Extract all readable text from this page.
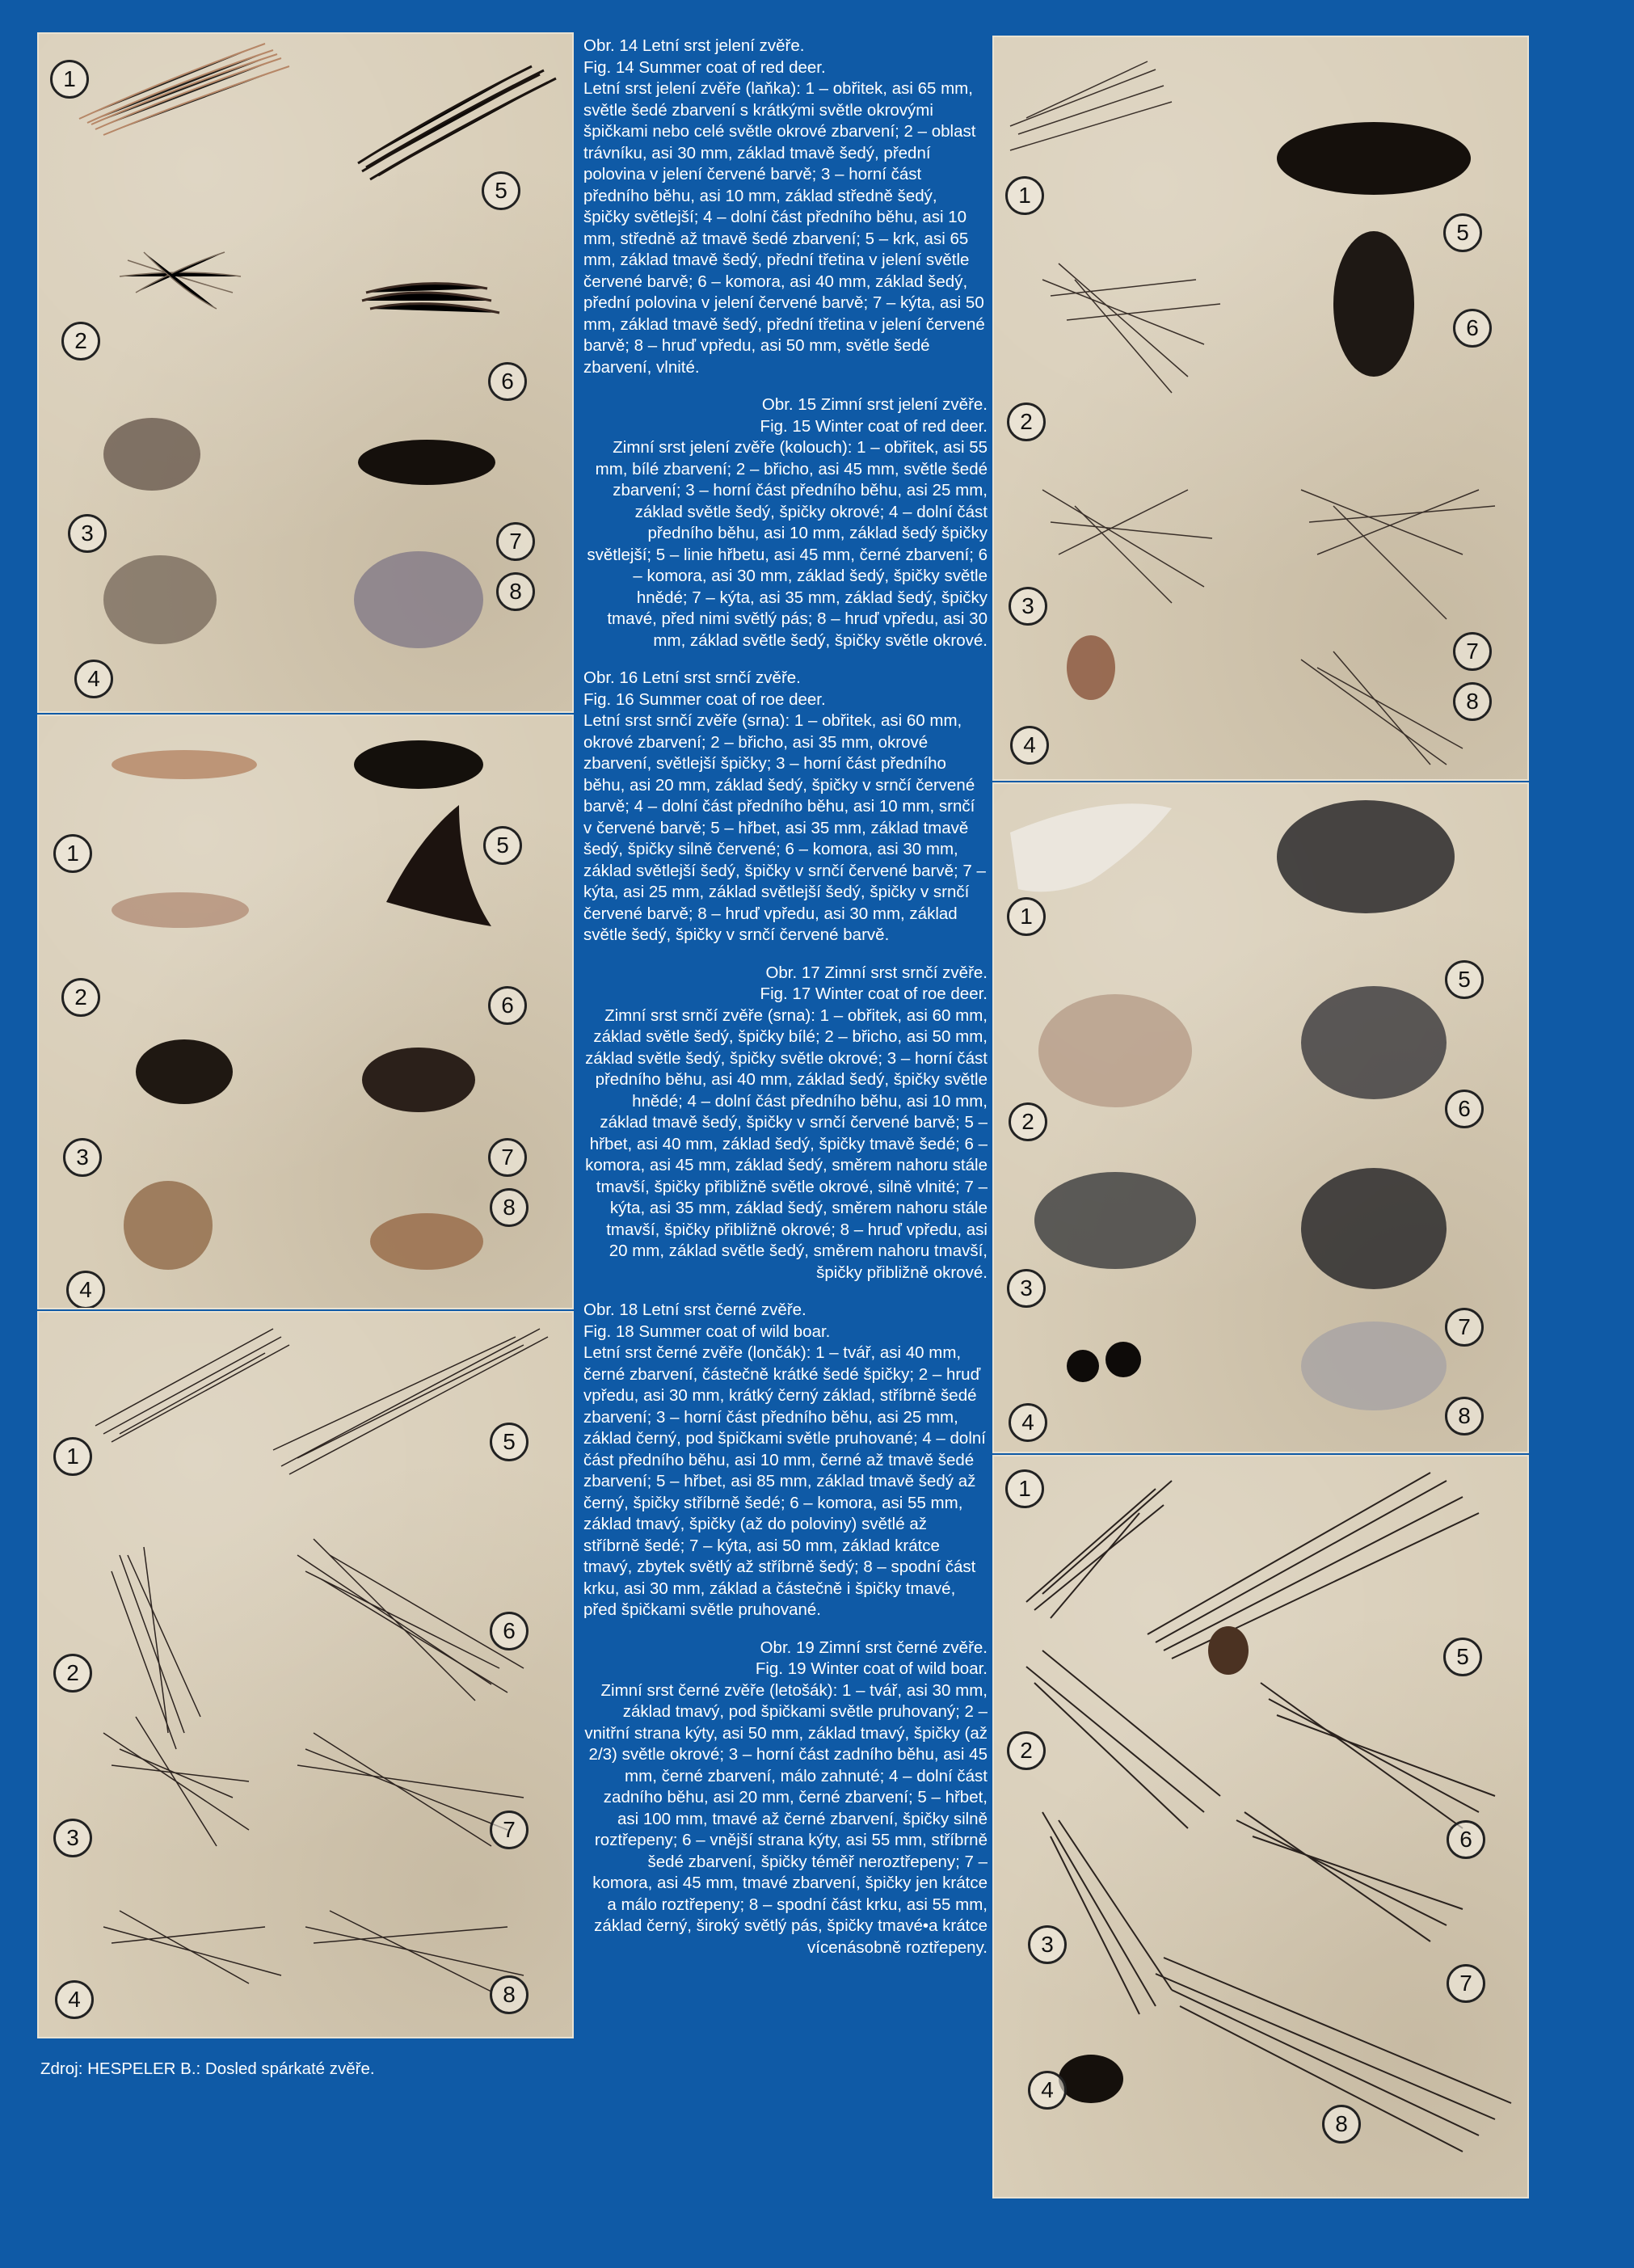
1
5
2
6
3	7
8
4
1	5
2	6
3	7
8
4
1
5
2
6
3	7
4	8
1
5
6
2
3
7
8
4
1
5
2
6
3
7
8
4
1
5
2
6
3
7
4
8
Obr. 14 Letní srst jelení zvěře.
Fig. 14 Summer coat of red deer.
Letní srst jelení zvěře (laňka): 1 – obřitek, asi 65 mm, světle šedé zbarvení s krátkými světle okrovými špičkami nebo celé světle okrové zbarvení; 2 – oblast trávníku, asi 30 mm, základ tmavě šedý, přední polovina v jelení červené barvě; 3 – horní část předního běhu, asi 10 mm, základ středně šedý, špičky světlejší; 4 – dolní část předního běhu, asi 10 mm, středně až tmavě šedé zbarvení; 5 – krk, asi 65 mm, základ tmavě šedý, přední třetina v jelení světle červené barvě; 6 – komora, asi 40 mm, základ šedý, přední polovina v jelení červené barvě; 7 – kýta, asi 50 mm, základ tmavě šedý, přední třetina v jelení červené barvě; 8 – hruď vpředu, asi 50 mm, světle šedé zbarvení, vlnité.
Obr. 15 Zimní srst jelení zvěře.
Fig. 15 Winter coat of red deer.
Zimní srst jelení zvěře (kolouch): 1 – obřitek, asi 55 mm, bílé zbarvení; 2 – břicho, asi 45 mm, světle šedé zbarvení; 3 – horní část předního běhu, asi 25 mm, základ světle šedý, špičky okrové; 4 – dolní část předního běhu, asi 10 mm, základ šedý špičky světlejší; 5 – linie hřbetu, asi 45 mm, černé zbarvení; 6 – komora, asi 30 mm, základ šedý, špičky světle hnědé; 7 – kýta, asi 35 mm, základ šedý, špičky tmavé, před nimi světlý pás; 8 – hruď vpředu, asi 30 mm, základ světle šedý, špičky světle okrové.
Obr. 16 Letní srst srnčí zvěře.
Fig. 16 Summer coat of roe deer.
Letní srst srnčí zvěře (srna): 1 – obřitek, asi 60 mm, okrové zbarvení; 2 – břicho, asi 35 mm, okrové zbarvení, světlejší špičky; 3 – horní část předního běhu, asi 20 mm, základ šedý, špičky v srnčí červené barvě; 4 – dolní část předního běhu, asi 10 mm, srnčí v červené barvě; 5 – hřbet, asi 35 mm, základ tmavě šedý, špičky silně červené; 6 – komora, asi 30 mm, základ světlejší šedý, špičky v srnčí červené barvě; 7 – kýta, asi 25 mm, základ světlejší šedý, špičky v srnčí červené barvě; 8 – hruď vpředu, asi 30 mm, základ světle šedý, špičky v srnčí červené barvě.
Obr. 17 Zimní srst srnčí zvěře.
Fig. 17 Winter coat of roe deer.
Zimní srst srnčí zvěře (srna): 1 – obřitek, asi 60 mm, základ světle šedý, špičky bílé; 2 – břicho, asi 50 mm, základ světle šedý, špičky světle okrové; 3 – horní část předního běhu, asi 40 mm, základ šedý, špičky světle hnědé; 4 – dolní část předního běhu, asi 10 mm, základ tmavě šedý, špičky v srnčí červené barvě; 5 – hřbet, asi 40 mm, základ šedý, špičky tmavě šedé; 6 – komora, asi 45 mm, základ šedý, směrem nahoru stále tmavší, špičky přibližně světle okrové, silně vlnité; 7 – kýta, asi 35 mm, základ šedý, směrem nahoru stále tmavší, špičky přibližně okrové; 8 – hruď vpředu, asi 20 mm, základ světle šedý, směrem nahoru tmavší, špičky přibližně okrové.
Obr. 18 Letní srst černé zvěře.
Fig. 18 Summer coat of wild boar.
Letní srst černé zvěře (lončák): 1 – tvář, asi 40 mm, černé zbarvení, částečně krátké šedé špičky; 2 – hruď vpředu, asi 30 mm, krátký černý základ, stříbrně šedé zbarvení; 3 – horní část předního běhu, asi 25 mm, základ černý, pod špičkami světle pruhované; 4 – dolní část předního běhu, asi 10 mm, černé až tmavě šedé zbarvení; 5 – hřbet, asi 85 mm, základ tmavě šedý až černý, špičky stříbrně šedé; 6 – komora, asi 55 mm, základ tmavý, špičky (až do poloviny) světlé až stříbrně šedé; 7 – kýta, asi 50 mm, základ krátce tmavý, zbytek světlý až stříbrně šedý; 8 – spodní část krku, asi 30 mm, základ a částečně i špičky tmavé, před špičkami světle pruhované.
Obr. 19 Zimní srst černé zvěře.
Fig. 19 Winter coat of wild boar.
Zimní srst černé zvěře (letošák): 1 – tvář, asi 30 mm, základ tmavý, pod špičkami světle pruhovaný; 2 – vnitřní strana kýty, asi 50 mm, základ tmavý, špičky (až 2/3) světle okrové; 3 – horní část zadního běhu, asi 45 mm, černé zbarvení, málo zahnuté; 4 – dolní část zadního běhu, asi 20 mm, černé zbarvení; 5 – hřbet, asi 100 mm, tmavé až černé zbarvení, špičky silně roztřepeny; 6 – vnější strana kýty, asi 55 mm, stříbrně šedé zbarvení, špičky téměř neroztřepeny; 7 – komora, asi 45 mm, tmavé zbarvení, špičky jen krátce a málo roztřepeny; 8 – spodní část krku, asi 55 mm, základ černý, široký světlý pás, špičky tmavé•a krátce vícenásobně roztřepeny.
Zdroj: HESPELER B.: Dosled spárkaté zvěře.
